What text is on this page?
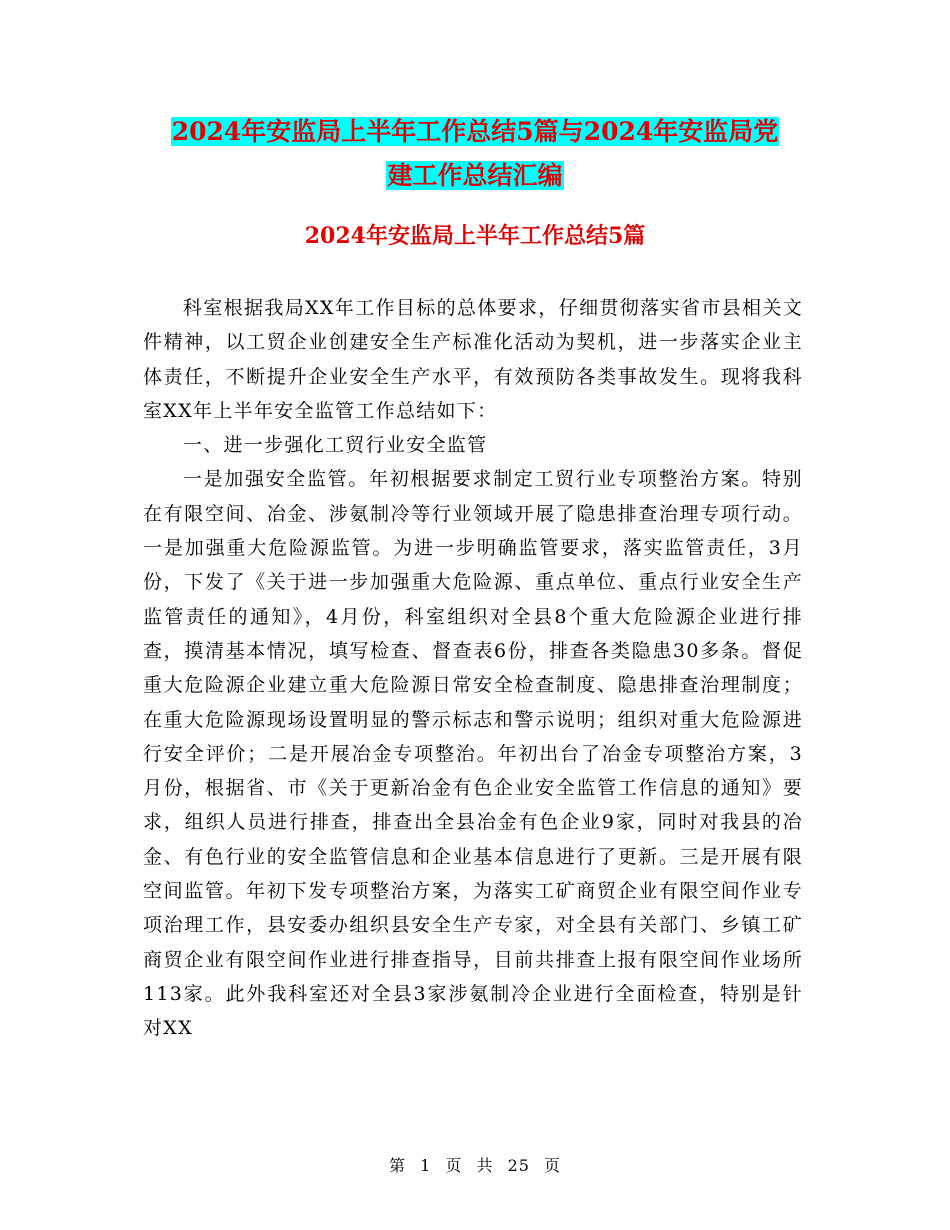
2024年安监局上半年工作总结5篇与2024年安监局党
建工作总结汇编
2024年安监局上半年工作总结5篇

科室根据我局XX年工作目标的总体要求，仔细贯彻落实省市县相关文件精神，以工贸企业创建安全生产标准化活动为契机，进一步落实企业主体责任，不断提升企业安全生产水平，有效预防各类事故发生。现将我科室XX年上半年安全监管工作总结如下：

一、进一步强化工贸行业安全监管

一是加强安全监管。年初根据要求制定工贸行业专项整治方案。特别在有限空间、冶金、涉氨制冷等行业领域开展了隐患排查治理专项行动。一是加强重大危险源监管。为进一步明确监管要求，落实监管责任，3月份，下发了《关于进一步加强重大危险源、重点单位、重点行业安全生产监管责任的通知》，4月份，科室组织对全县8个重大危险源企业进行排查，摸清基本情况，填写检查、督查表6份，排查各类隐患30多条。督促重大危险源企业建立重大危险源日常安全检查制度、隐患排查治理制度；在重大危险源现场设置明显的警示标志和警示说明；组织对重大危险源进行安全评价；二是开展冶金专项整治。年初出台了冶金专项整治方案，3月份，根据省、市《关于更新冶金有色企业安全监管工作信息的通知》要求，组织人员进行排查，排查出全县冶金有色企业9家，同时对我县的冶金、有色行业的安全监管信息和企业基本信息进行了更新。三是开展有限空间监管。年初下发专项整治方案，为落实工矿商贸企业有限空间作业专项治理工作，县安委办组织县安全生产专家，对全县有关部门、乡镇工矿商贸企业有限空间作业进行排查指导，目前共排查上报有限空间作业场所113家。此外我科室还对全县3家涉氨制冷企业进行全面检查，特别是针对XX

第 1 页 共 25 页
